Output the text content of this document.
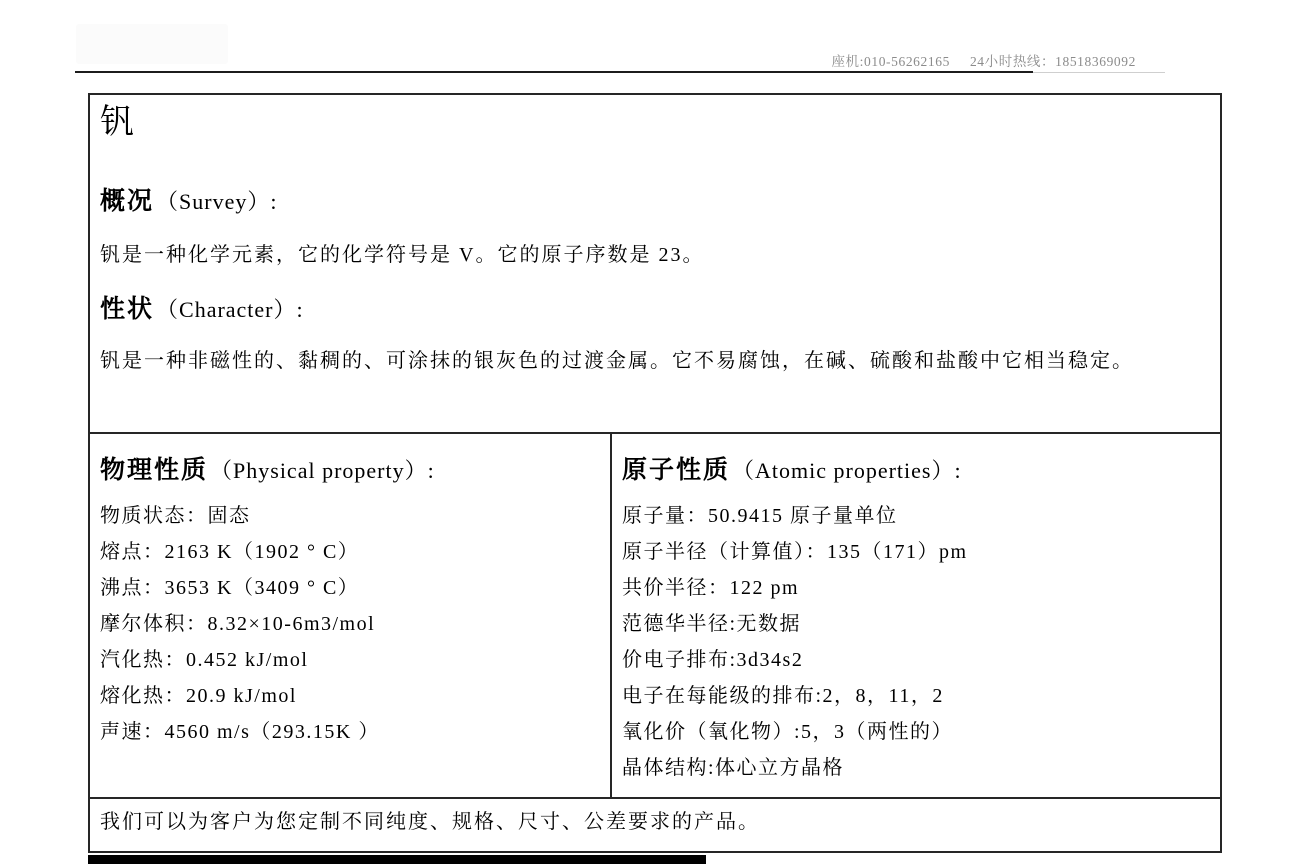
座机:010-56262165 24小时热线：18518369092
钒
概况（Survey）:
钒是一种化学元素，它的化学符号是 V。它的原子序数是 23。
性状（Character）:
钒是一种非磁性的、黏稠的、可涂抹的银灰色的过渡金属。它不易腐蚀，在碱、硫酸和盐酸中它相当稳定。
物理性质（Physical property）:
物质状态：固态
熔点：2163 K（1902 ° C）
沸点：3653 K（3409 ° C）
摩尔体积：8.32×10-6m3/mol
汽化热：0.452 kJ/mol
熔化热：20.9 kJ/mol
声速：4560 m/s（293.15K ）
原子性质（Atomic properties）:
原子量：50.9415 原子量单位
原子半径（计算值）：135（171）pm
共价半径：122 pm
范德华半径:无数据
价电子排布:3d34s2
电子在每能级的排布:2，8，11，2
氧化价（氧化物）:5，3（两性的）
晶体结构:体心立方晶格
我们可以为客户为您定制不同纯度、规格、尺寸、公差要求的产品。
